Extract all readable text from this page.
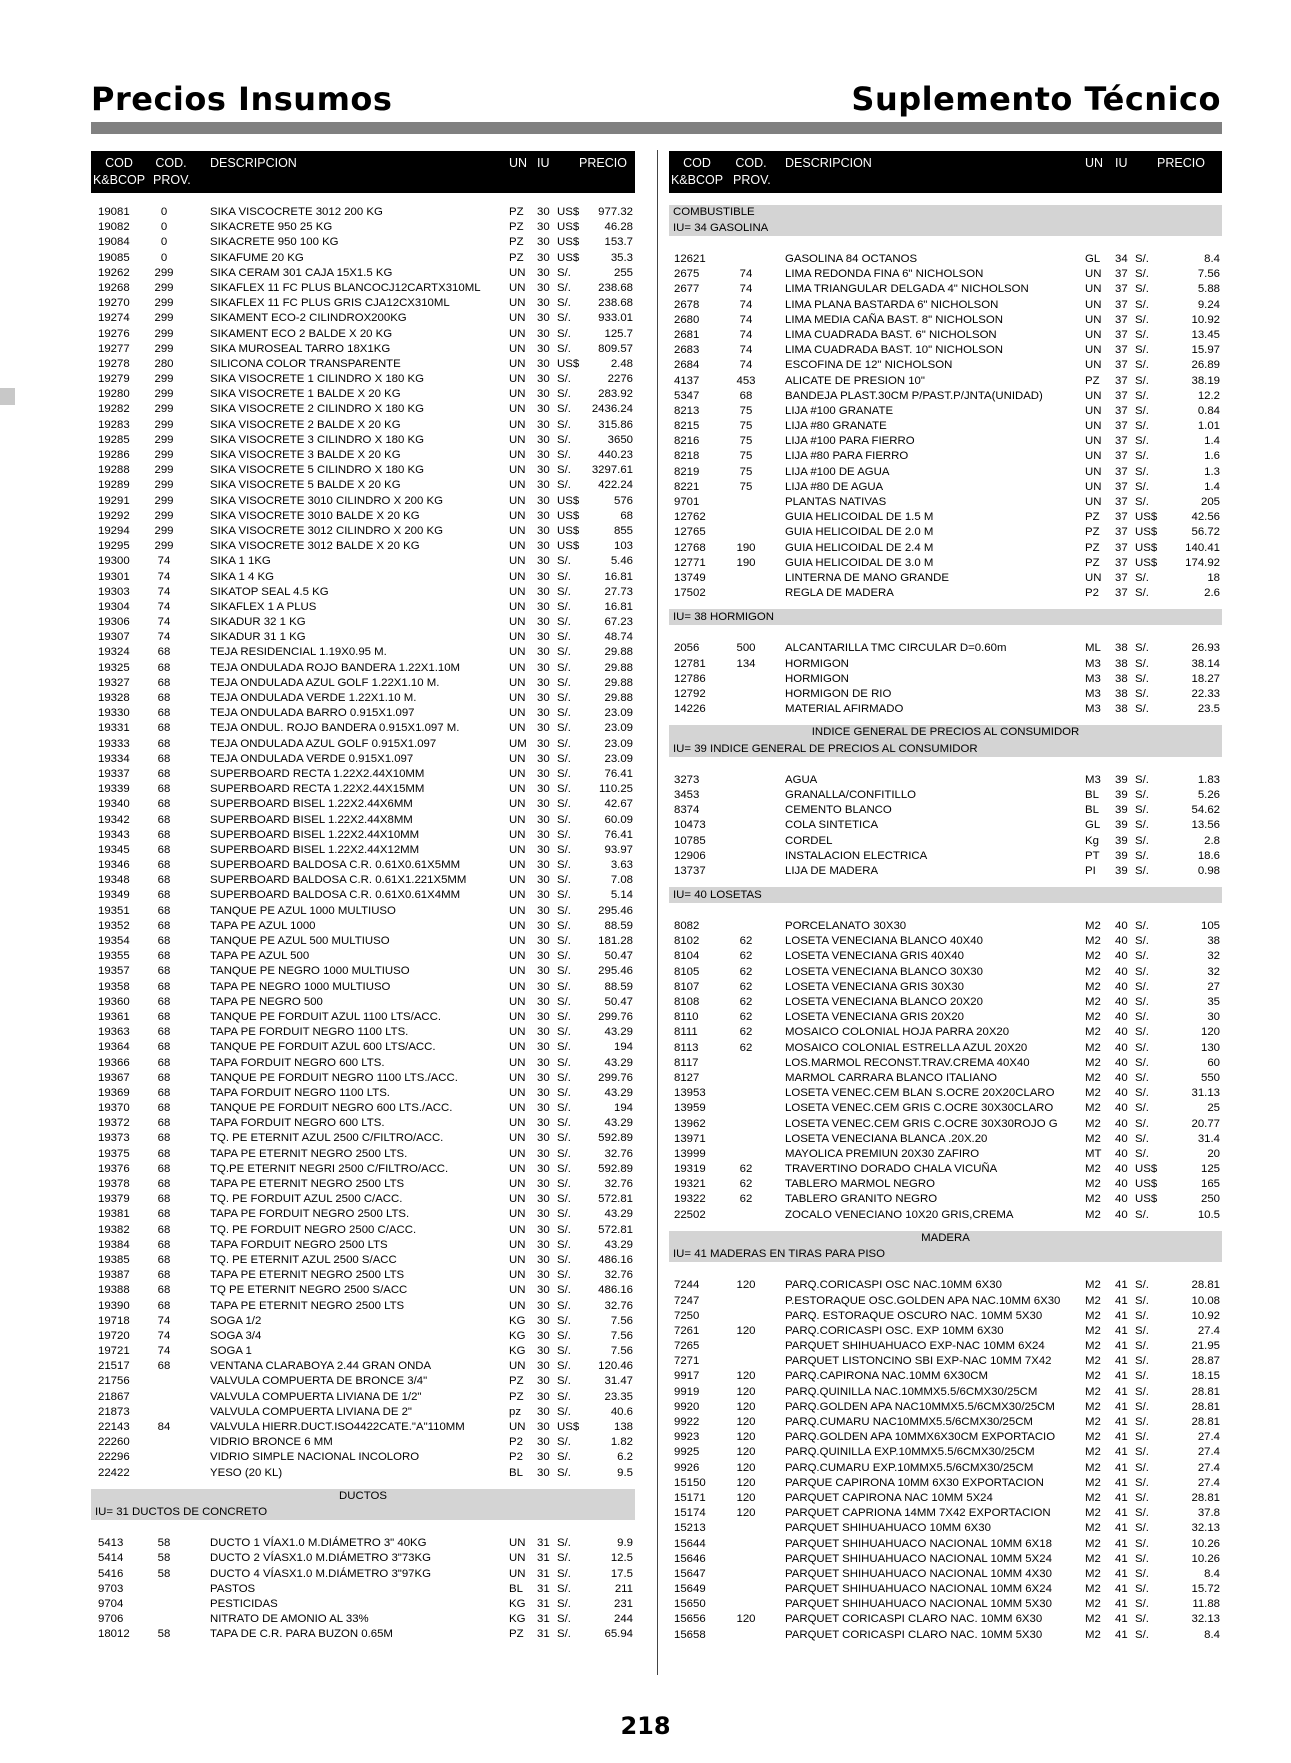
Precios Insumos	Suplemento Técnico
COD
K&BCOP
COD.
PROV.
DESCRIPCION	UN IU PRECIO
19081	0	SIKA VISCOCRETE 3012 200 KG	PZ 30 US$ 977.32
19082	0	SIKACRETE 950 25 KG	PZ 30 US$ 46.28
19084	0	SIKACRETE 950 100 KG	PZ 30 US$ 153.7
19085	0	SIKAFUME 20 KG	PZ 30 US$	35.3
19262	299	SIKA CERAM 301 CAJA 15X1.5 KG	UN 30 S/.	255
19268	299	SIKAFLEX 11 FC PLUS BLANCOCJ12CARTX310ML UN 30 S/. 238.68
19270	299	SIKAFLEX 11 FC PLUS GRIS CJA12CX310ML	UN 30 S/. 238.68
19274	299	SIKAMENT ECO-2 CILINDROX200KG	UN 30 S/. 933.01
19276	299	SIKAMENT ECO 2 BALDE X 20 KG	UN 30 S/.	125.7
19277	299	SIKA MUROSEAL TARRO 18X1KG	UN 30 S/. 809.57
19278	280	SILICONA COLOR TRANSPARENTE	UN 30 US$	2.48
19279	299	SIKA VISOCRETE 1 CILINDRO X 180 KG	UN 30 S/.	2276
19280	299	SIKA VISOCRETE 1 BALDE X 20 KG	UN 30 S/. 283.92
19282	299	SIKA VISOCRETE 2 CILINDRO X 180 KG	UN 30 S/. 2436.24
19283	299	SIKA VISOCRETE 2 BALDE X 20 KG	UN 30 S/. 315.86
19285	299	SIKA VISOCRETE 3 CILINDRO X 180 KG	UN 30 S/.	3650
19286	299	SIKA VISOCRETE 3 BALDE X 20 KG	UN 30 S/. 440.23
19288	299	SIKA VISOCRETE 5 CILINDRO X 180 KG	UN 30 S/. 3297.61
19289	299	SIKA VISOCRETE 5 BALDE X 20 KG	UN 30 S/. 422.24
19291	299	SIKA VISOCRETE 3010 CILINDRO X 200 KG	UN 30 US$	576
19292	299	SIKA VISOCRETE 3010 BALDE X 20 KG	UN 30 US$	68
19294	299	SIKA VISOCRETE 3012 CILINDRO X 200 KG	UN 30 US$	855
19295	299	SIKA VISOCRETE 3012 BALDE X 20 KG	UN 30 US$	103
19300	74	SIKA 1 1KG	UN 30 S/.	5.46
19301	74	SIKA 1 4 KG	UN 30 S/.	16.81
19303	74	SIKATOP SEAL 4.5 KG	UN 30 S/.	27.73
19304	74	SIKAFLEX 1 A PLUS	UN 30 S/.	16.81
19306	74	SIKADUR 32 1 KG	UN 30 S/.	67.23
19307	74	SIKADUR 31 1 KG	UN 30 S/.	48.74
19324	68	TEJA RESIDENCIAL 1.19X0.95 M.	UN 30 S/.	29.88
19325	68	TEJA ONDULADA ROJO BANDERA 1.22X1.10M	UN 30 S/.	29.88
19327	68	TEJA ONDULADA AZUL GOLF 1.22X1.10 M.	UN 30 S/.	29.88
19328	68	TEJA ONDULADA VERDE 1.22X1.10 M.	UN 30 S/.	29.88
19330	68	TEJA ONDULADA BARRO 0.915X1.097	UN 30 S/.	23.09
19331	68	TEJA ONDUL. ROJO BANDERA 0.915X1.097 M.	UN 30 S/.	23.09
19333	68	TEJA ONDULADA AZUL GOLF 0.915X1.097	UM 30 S/.	23.09
19334	68	TEJA ONDULADA VERDE 0.915X1.097	UN 30 S/.	23.09
19337	68	SUPERBOARD RECTA 1.22X2.44X10MM	UN 30 S/.	76.41
19339	68	SUPERBOARD RECTA 1.22X2.44X15MM	UN 30 S/. 110.25
19340	68	SUPERBOARD BISEL 1.22X2.44X6MM	UN 30 S/.	42.67
19342	68	SUPERBOARD BISEL 1.22X2.44X8MM	UN 30 S/.	60.09
19343	68	SUPERBOARD BISEL 1.22X2.44X10MM	UN 30 S/.	76.41
19345	68	SUPERBOARD BISEL 1.22X2.44X12MM	UN 30 S/.	93.97
19346	68	SUPERBOARD BALDOSA C.R. 0.61X0.61X5MM	UN 30 S/.	3.63
19348	68	SUPERBOARD BALDOSA C.R. 0.61X1.221X5MM	UN 30 S/.	7.08
19349	68	SUPERBOARD BALDOSA C.R. 0.61X0.61X4MM	UN 30 S/.	5.14
19351	68	TANQUE PE AZUL 1000 MULTIUSO	UN 30 S/. 295.46
19352	68	TAPA PE AZUL 1000	UN 30 S/.	88.59
19354	68	TANQUE PE AZUL 500 MULTIUSO	UN 30 S/. 181.28
19355	68	TAPA PE AZUL 500	UN 30 S/.	50.47
19357	68	TANQUE PE NEGRO 1000 MULTIUSO	UN 30 S/. 295.46
19358	68	TAPA PE NEGRO 1000 MULTIUSO	UN 30 S/.	88.59
19360	68	TAPA PE NEGRO 500	UN 30 S/.	50.47
19361	68	TANQUE PE FORDUIT AZUL 1100 LTS/ACC.	UN 30 S/. 299.76
19363	68	TAPA PE FORDUIT NEGRO 1100 LTS.	UN 30 S/.	43.29
19364	68	TANQUE PE FORDUIT AZUL 600 LTS/ACC.	UN 30 S/.	194
19366	68	TAPA FORDUIT NEGRO 600 LTS.	UN 30 S/.	43.29
19367	68	TANQUE PE FORDUIT NEGRO 1100 LTS./ACC.	UN 30 S/. 299.76
19369	68	TAPA FORDUIT NEGRO 1100 LTS.	UN 30 S/.	43.29
19370	68	TANQUE PE FORDUIT NEGRO 600 LTS./ACC.	UN 30 S/.	194
19372	68	TAPA FORDUIT NEGRO 600 LTS.	UN 30 S/.	43.29
19373	68	TQ. PE ETERNIT AZUL 2500 C/FILTRO/ACC.	UN 30 S/. 592.89
19375	68	TAPA PE ETERNIT NEGRO 2500 LTS.	UN 30 S/.	32.76
19376	68	TQ.PE ETERNIT NEGRI 2500 C/FILTRO/ACC.	UN 30 S/. 592.89
19378	68	TAPA PE ETERNIT NEGRO 2500 LTS	UN 30 S/.	32.76
19379	68	TQ. PE FORDUIT AZUL 2500 C/ACC.	UN 30 S/. 572.81
19381	68	TAPA PE FORDUIT NEGRO 2500 LTS.	UN 30 S/.	43.29
19382	68	TQ. PE FORDUIT NEGRO 2500 C/ACC.	UN 30 S/. 572.81
19384	68	TAPA FORDUIT NEGRO 2500 LTS	UN 30 S/.	43.29
19385	68	TQ. PE ETERNIT AZUL 2500 S/ACC	UN 30 S/. 486.16
19387	68	TAPA PE ETERNIT NEGRO 2500 LTS	UN 30 S/.	32.76
19388	68	TQ PE ETERNIT NEGRO 2500 S/ACC	UN 30 S/. 486.16
19390	68	TAPA PE ETERNIT NEGRO 2500 LTS	UN 30 S/.	32.76
19718	74	SOGA 1/2	KG 30 S/.	7.56
19720	74	SOGA 3/4	KG 30 S/.	7.56
19721	74	SOGA 1	KG 30 S/.	7.56
21517	68	VENTANA CLARABOYA 2.44 GRAN ONDA	UN 30 S/. 120.46
21756	VALVULA COMPUERTA DE BRONCE 3/4"	PZ 30 S/.	31.47
21867	VALVULA COMPUERTA LIVIANA DE 1/2"	PZ 30 S/.	23.35
21873	VALVULA COMPUERTA LIVIANA DE 2"	pz 30 S/.	40.6
22143	84	VALVULA HIERR.DUCT.ISO4422CATE."A"110MM	UN 30 US$	138
22260	VIDRIO BRONCE 6 MM	P2 30 S/.	1.82
22296	VIDRIO SIMPLE NACIONAL INCOLORO	P2 30 S/.	6.2
22422	YESO (20 KL)	BL 30 S/.	9.5
DUCTOS
IU= 31 DUCTOS DE CONCRETO
5413	58	DUCTO 1 VÍAX1.0 M.DIÁMETRO 3" 40KG	UN 31 S/.	9.9
5414	58	DUCTO 2 VÍASX1.0 M.DIÁMETRO 3"73KG	UN 31 S/.	12.5
5416	58	DUCTO 4 VÍASX1.0 M.DIÁMETRO 3"97KG	UN 31 S/.	17.5
9703	PASTOS	BL 31 S/.	211
9704	PESTICIDAS	KG 31 S/.	231
9706	NITRATO DE AMONIO AL 33%	KG 31 S/.	244
18012	58	TAPA DE C.R. PARA BUZON 0.65M	PZ 31 S/.	65.94
COD
K&BCOP
COD.
PROV.
DESCRIPCION	UN IU PRECIO
COMBUSTIBLE
IU= 34 GASOLINA
12621	GASOLINA 84 OCTANOS	GL 34 S/.	8.4
2675	74	LIMA REDONDA FINA 6" NICHOLSON	UN 37 S/.	7.56
2677	74	LIMA TRIANGULAR DELGADA 4" NICHOLSON	UN 37 S/.	5.88
2678	74	LIMA PLANA BASTARDA 6" NICHOLSON	UN 37 S/.	9.24
2680	74	LIMA MEDIA CAÑA BAST. 8" NICHOLSON	UN 37 S/.	10.92
2681	74	LIMA CUADRADA BAST. 6" NICHOLSON	UN 37 S/.	13.45
2683	74	LIMA CUADRADA BAST. 10" NICHOLSON	UN 37 S/.	15.97
2684	74	ESCOFINA DE 12" NICHOLSON	UN 37 S/.	26.89
4137	453	ALICATE DE PRESION 10"	PZ 37 S/.	38.19
5347	68	BANDEJA PLAST.30CM P/PAST.P/JNTA(UNIDAD)	UN 37 S/.	12.2
8213	75	LIJA #100 GRANATE	UN 37 S/.	0.84
8215	75	LIJA #80 GRANATE	UN 37 S/.	1.01
8216	75	LIJA #100 PARA FIERRO	UN 37 S/.	1.4
8218	75	LIJA #80 PARA FIERRO	UN 37 S/.	1.6
8219	75	LIJA #100 DE AGUA	UN 37 S/.	1.3
8221	75	LIJA #80 DE AGUA	UN 37 S/.	1.4
9701	PLANTAS NATIVAS	UN 37 S/.	205
12762	GUIA HELICOIDAL DE 1.5 M	PZ 37 US$	42.56
12765	GUIA HELICOIDAL DE 2.0 M	PZ 37 US$	56.72
12768	190	GUIA HELICOIDAL DE 2.4 M	PZ 37 US$ 140.41
12771	190	GUIA HELICOIDAL DE 3.0 M	PZ 37 US$ 174.92
13749	LINTERNA DE MANO GRANDE	UN 37 S/.	18
17502	REGLA DE MADERA	P2 37 S/.	2.6
IU= 38 HORMIGON
2056	500	ALCANTARILLA TMC CIRCULAR D=0.60m	ML 38 S/.	26.93
12781	134	HORMIGON	M3 38 S/.	38.14
12786	HORMIGON	M3 38 S/.	18.27
12792	HORMIGON DE RIO	M3 38 S/.	22.33
14226	MATERIAL AFIRMADO	M3 38 S/.	23.5
INDICE GENERAL DE PRECIOS AL CONSUMIDOR
IU= 39 INDICE GENERAL DE PRECIOS AL CONSUMIDOR
3273	AGUA	M3 39 S/.	1.83
3453	GRANALLA/CONFITILLO	BL 39 S/.	5.26
8374	CEMENTO BLANCO	BL 39 S/.	54.62
10473	COLA SINTETICA	GL 39 S/.	13.56
10785	CORDEL	Kg 39 S/.	2.8
12906	INSTALACION ELECTRICA	PT 39 S/.	18.6
13737	LIJA DE MADERA	PI 39 S/.	0.98
IU= 40 LOSETAS
8082	PORCELANATO 30X30	M2 40 S/.	105
8102	62	LOSETA VENECIANA BLANCO 40X40	M2 40 S/.	38
8104	62	LOSETA VENECIANA GRIS 40X40	M2 40 S/.	32
8105	62	LOSETA VENECIANA BLANCO 30X30	M2 40 S/.	32
8107	62	LOSETA VENECIANA GRIS 30X30	M2 40 S/.	27
8108	62	LOSETA VENECIANA BLANCO 20X20	M2 40 S/.	35
8110	62	LOSETA VENECIANA GRIS 20X20	M2 40 S/.	30
8111	62	MOSAICO COLONIAL HOJA PARRA 20X20	M2 40 S/.	120
8113	62	MOSAICO COLONIAL ESTRELLA AZUL 20X20	M2 40 S/.	130
8117	LOS.MARMOL RECONST.TRAV.CREMA 40X40	M2 40 S/.	60
8127	MARMOL CARRARA BLANCO ITALIANO	M2 40 S/.	550
13953	LOSETA VENEC.CEM BLAN S.OCRE 20X20CLARO	M2 40 S/.	31.13
13959	LOSETA VENEC.CEM GRIS C.OCRE 30X30CLARO	M2 40 S/.	25
13962	LOSETA VENEC.CEM GRIS C.OCRE 30X30ROJO G M2 40 S/.	20.77
13971	LOSETA VENECIANA BLANCA .20X.20	M2 40 S/.	31.4
13999	MAYOLICA PREMIUN 20X30 ZAFIRO	MT 40 S/.	20
19319	62	TRAVERTINO DORADO CHALA VICUÑA	M2 40 US$	125
19321	62	TABLERO MARMOL NEGRO	M2 40 US$	165
19322	62	TABLERO GRANITO NEGRO	M2 40 US$	250
22502	ZOCALO VENECIANO 10X20 GRIS,CREMA	M2 40 S/.	10.5
MADERA
IU= 41 MADERAS EN TIRAS PARA PISO
7244	120	PARQ.CORICASPI OSC NAC.10MM 6X30	M2 41 S/.	28.81
7247	P.ESTORAQUE OSC.GOLDEN APA NAC.10MM 6X30 M2 41 S/.	10.08
7250	PARQ. ESTORAQUE OSCURO NAC. 10MM 5X30	M2 41 S/.	10.92
7261	120	PARQ.CORICASPI OSC. EXP 10MM 6X30	M2 41 S/.	27.4
7265	PARQUET SHIHUAHUACO EXP-NAC 10MM 6X24	M2 41 S/.	21.95
7271	PARQUET LISTONCINO SBI EXP-NAC 10MM 7X42	M2 41 S/.	28.87
9917	120	PARQ.CAPIRONA NAC.10MM 6X30CM	M2 41 S/.	18.15
9919	120	PARQ.QUINILLA NAC.10MMX5.5/6CMX30/25CM	M2 41 S/.	28.81
9920	120	PARQ.GOLDEN APA NAC10MMX5.5/6CMX30/25CM	M2 41 S/.	28.81
9922	120	PARQ.CUMARU NAC10MMX5.5/6CMX30/25CM	M2 41 S/.	28.81
9923	120	PARQ.GOLDEN APA 10MMX6X30CM EXPORTACIO	M2 41 S/.	27.4
9925	120	PARQ.QUINILLA EXP.10MMX5.5/6CMX30/25CM	M2 41 S/.	27.4
9926	120	PARQ.CUMARU EXP.10MMX5.5/6CMX30/25CM	M2 41 S/.	27.4
15150	120	PARQUE CAPIRONA 10MM 6X30 EXPORTACION	M2 41 S/.	27.4
15171	120	PARQUET CAPIRONA NAC 10MM 5X24	M2 41 S/.	28.81
15174	120	PARQUET CAPRIONA 14MM 7X42 EXPORTACION	M2 41 S/.	37.8
15213	PARQUET SHIHUAHUACO 10MM 6X30	M2 41 S/.	32.13
15644	PARQUET SHIHUAHUACO NACIONAL 10MM 6X18	M2 41 S/.	10.26
15646	PARQUET SHIHUAHUACO NACIONAL 10MM 5X24	M2 41 S/.	10.26
15647	PARQUET SHIHUAHUACO NACIONAL 10MM 4X30	M2 41 S/.	8.4
15649	PARQUET SHIHUAHUACO NACIONAL 10MM 6X24	M2 41 S/.	15.72
15650	PARQUET SHIHUAHUACO NACIONAL 10MM 5X30	M2 41 S/.	11.88
15656	120	PARQUET CORICASPI CLARO NAC. 10MM 6X30	M2 41 S/.	32.13
15658	PARQUET CORICASPI CLARO NAC. 10MM 5X30	M2 41 S/.	8.4
218
